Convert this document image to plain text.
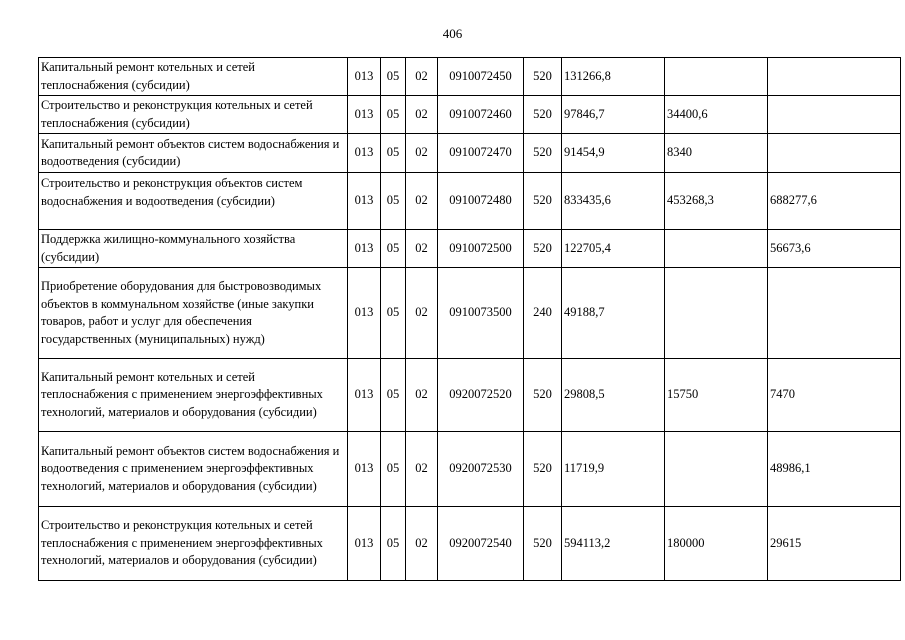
406
Капитальный ремонт котельных и сетей теплоснабжения (субсидии)	013	05	02	0910072450	520	131266,8		
Строительство и реконструкция котельных и сетей теплоснабжения (субсидии)	013	05	02	0910072460	520	97846,7	34400,6	
Капитальный ремонт объектов систем водоснабжения и водоотведения (субсидии)	013	05	02	0910072470	520	91454,9	8340	
Строительство и реконструкция объектов систем водоснабжения и водоотведения (субсидии)	013	05	02	0910072480	520	833435,6	453268,3	688277,6
Поддержка жилищно-коммунального хозяйства (субсидии)	013	05	02	0910072500	520	122705,4		56673,6
Приобретение оборудования для быстровозводимых объектов в коммунальном хозяйстве (иные закупки товаров, работ и услуг для обеспечения государственных (муниципальных) нужд)	013	05	02	0910073500	240	49188,7		
Капитальный ремонт котельных и сетей теплоснабжения с применением энергоэффективных технологий, материалов и оборудования (субсидии)	013	05	02	0920072520	520	29808,5	15750	7470
Капитальный ремонт объектов систем водоснабжения и водоотведения с применением энергоэффективных технологий, материалов и оборудования (субсидии)	013	05	02	0920072530	520	11719,9		48986,1
Строительство и реконструкция котельных и сетей теплоснабжения с применением энергоэффективных технологий, материалов и оборудования (субсидии)	013	05	02	0920072540	520	594113,2	180000	29615
